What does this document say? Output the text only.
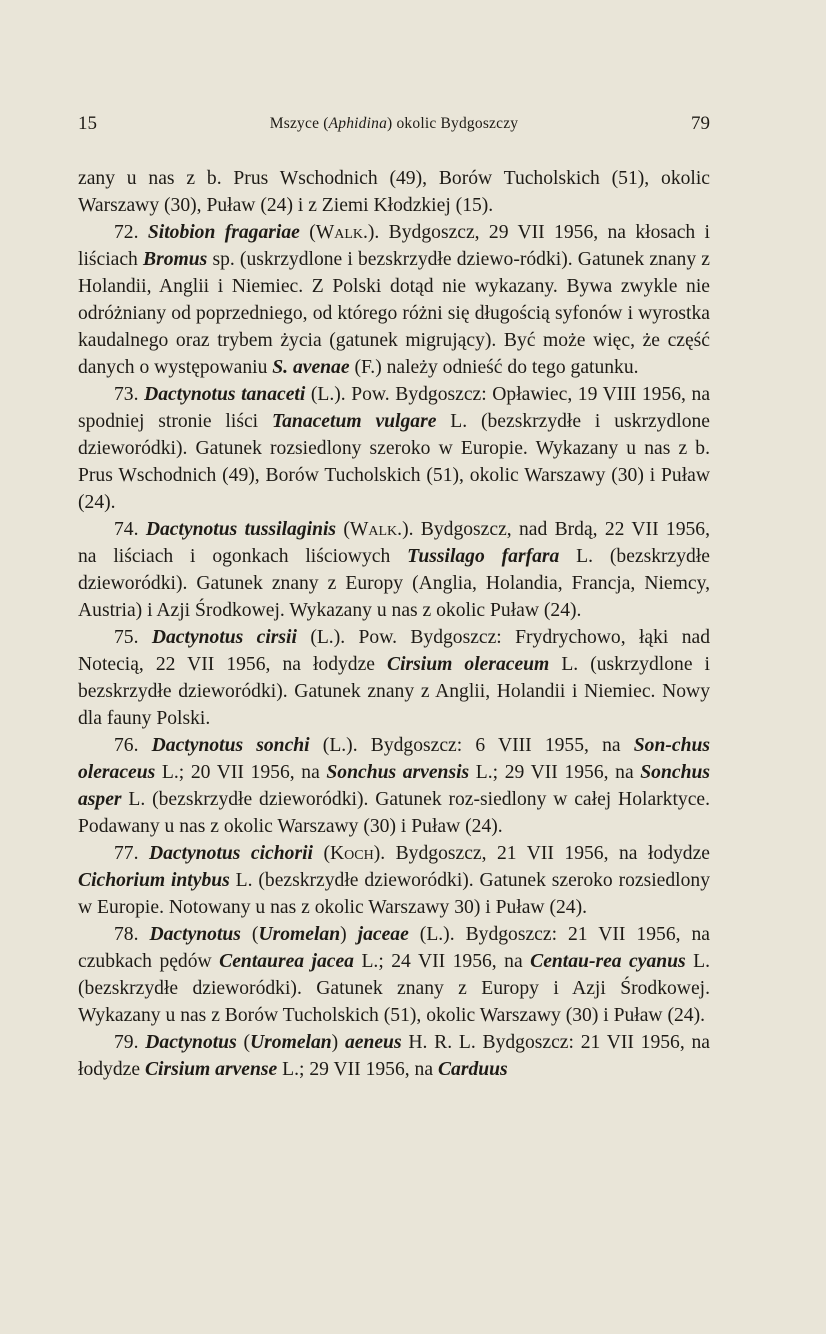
15	Mszyce (Aphidina) okolic Bydgoszczy	79

zany u nas z b. Prus Wschodnich (49), Borów Tucholskich (51), okolic Warszawy (30), Puław (24) i z Ziemi Kłodzkiej (15).

72. Sitobion fragariae (Walk.). Bydgoszcz, 29 VII 1956, na kłosach i liściach Bromus sp. (uskrzydlone i bezskrzydłe dziewo-ródki). Gatunek znany z Holandii, Anglii i Niemiec. Z Polski dotąd nie wykazany. Bywa zwykle nie odróżniany od poprzedniego, od którego różni się długością syfonów i wyrostka kaudalnego oraz trybem życia (gatunek migrujący). Być może więc, że część danych o występowaniu S. avenae (F.) należy odnieść do tego gatunku.

73. Dactynotus tanaceti (L.). Pow. Bydgoszcz: Opławiec, 19 VIII 1956, na spodniej stronie liści Tanacetum vulgare L. (bezskrzydłe i uskrzydlone dzieworódki). Gatunek rozsiedlony szeroko w Europie. Wykazany u nas z b. Prus Wschodnich (49), Borów Tucholskich (51), okolic Warszawy (30) i Puław (24).

74. Dactynotus tussilaginis (Walk.). Bydgoszcz, nad Brdą, 22 VII 1956, na liściach i ogonkach liściowych Tussilago farfara L. (bezskrzydłe dzieworódki). Gatunek znany z Europy (Anglia, Holandia, Francja, Niemcy, Austria) i Azji Środkowej. Wykazany u nas z okolic Puław (24).

75. Dactynotus cirsii (L.). Pow. Bydgoszcz: Frydrychowo, łąki nad Notecią, 22 VII 1956, na łodydze Cirsium oleraceum L. (uskrzydlone i bezskrzydłe dzieworódki). Gatunek znany z Anglii, Holandii i Niemiec. Nowy dla fauny Polski.

76. Dactynotus sonchi (L.). Bydgoszcz: 6 VIII 1955, na Son-chus oleraceus L.; 20 VII 1956, na Sonchus arvensis L.; 29 VII 1956, na Sonchus asper L. (bezskrzydłe dzieworódki). Gatunek roz-siedlony w całej Holarktyce. Podawany u nas z okolic Warszawy (30) i Puław (24).

77. Dactynotus cichorii (Koch). Bydgoszcz, 21 VII 1956, na łodydze Cichorium intybus L. (bezskrzydłe dzieworódki). Gatunek szeroko rozsiedlony w Europie. Notowany u nas z okolic Warszawy 30) i Puław (24).

78. Dactynotus (Uromelan) jaceae (L.). Bydgoszcz: 21 VII 1956, na czubkach pędów Centaurea jacea L.; 24 VII 1956, na Centau-rea cyanus L. (bezskrzydłe dzieworódki). Gatunek znany z Europy i Azji Środkowej. Wykazany u nas z Borów Tucholskich (51), okolic Warszawy (30) i Puław (24).

79. Dactynotus (Uromelan) aeneus H. R. L. Bydgoszcz: 21 VII 1956, na łodydze Cirsium arvense L.; 29 VII 1956, na Carduus
